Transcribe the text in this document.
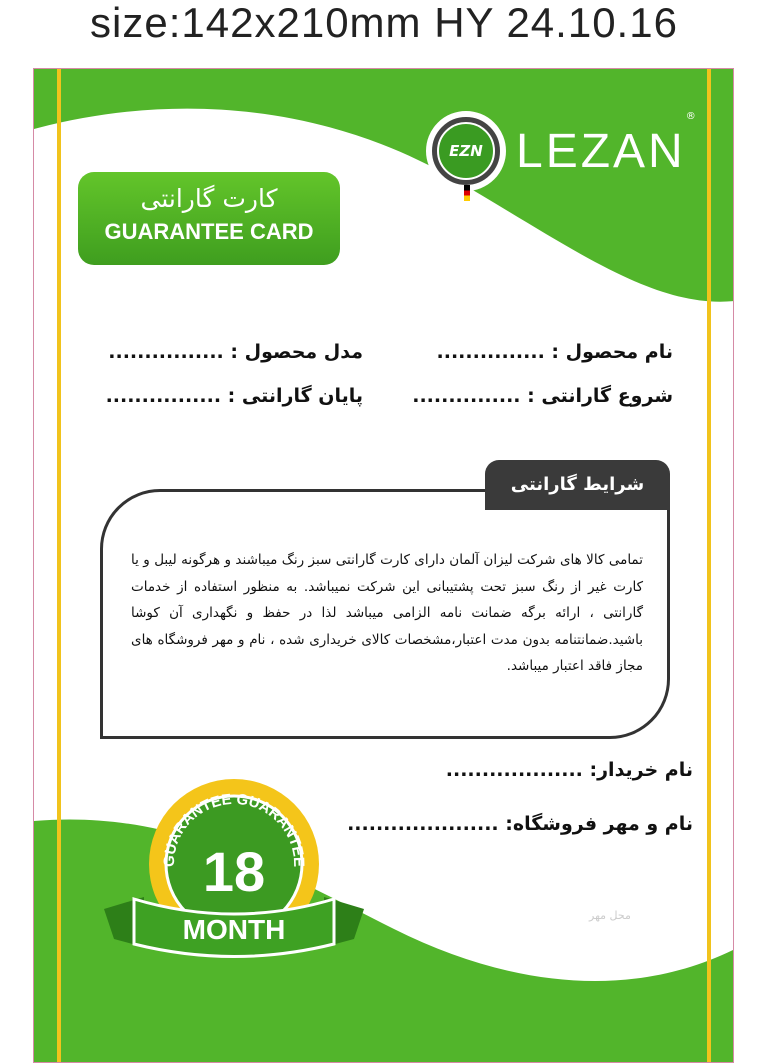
size:142x210mm HY 24.10.16
کارت گارانتی
GUARANTEE CARD
EZN LEZAN
®
نام محصول : ...............
مدل محصول : ................
شروع گارانتی : ...............
پایان گارانتی : ................
شرایط گارانتی
تمامی کالا های شرکت لیزان آلمان دارای کارت گارانتی سبز رنگ میباشند و هرگونه لیبل و یا کارت غیر از رنگ سبز تحت پشتیبانی این شرکت نمیباشد. به منظور استفاده از خدمات گارانتی ، ارائه برگه ضمانت نامه الزامی میباشد لذا در حفظ و نگهداری آن کوشا باشید.ضمانتنامه بدون مدت اعتبار،مشخصات کالای خریداری شده ، نام و مهر فروشگاه های مجاز فاقد اعتبار میباشد.
نام خریدار: ...................
نام و مهر فروشگاه: .....................
محل مهر
GUARANTEE GUARANTEE
18
MONTH
